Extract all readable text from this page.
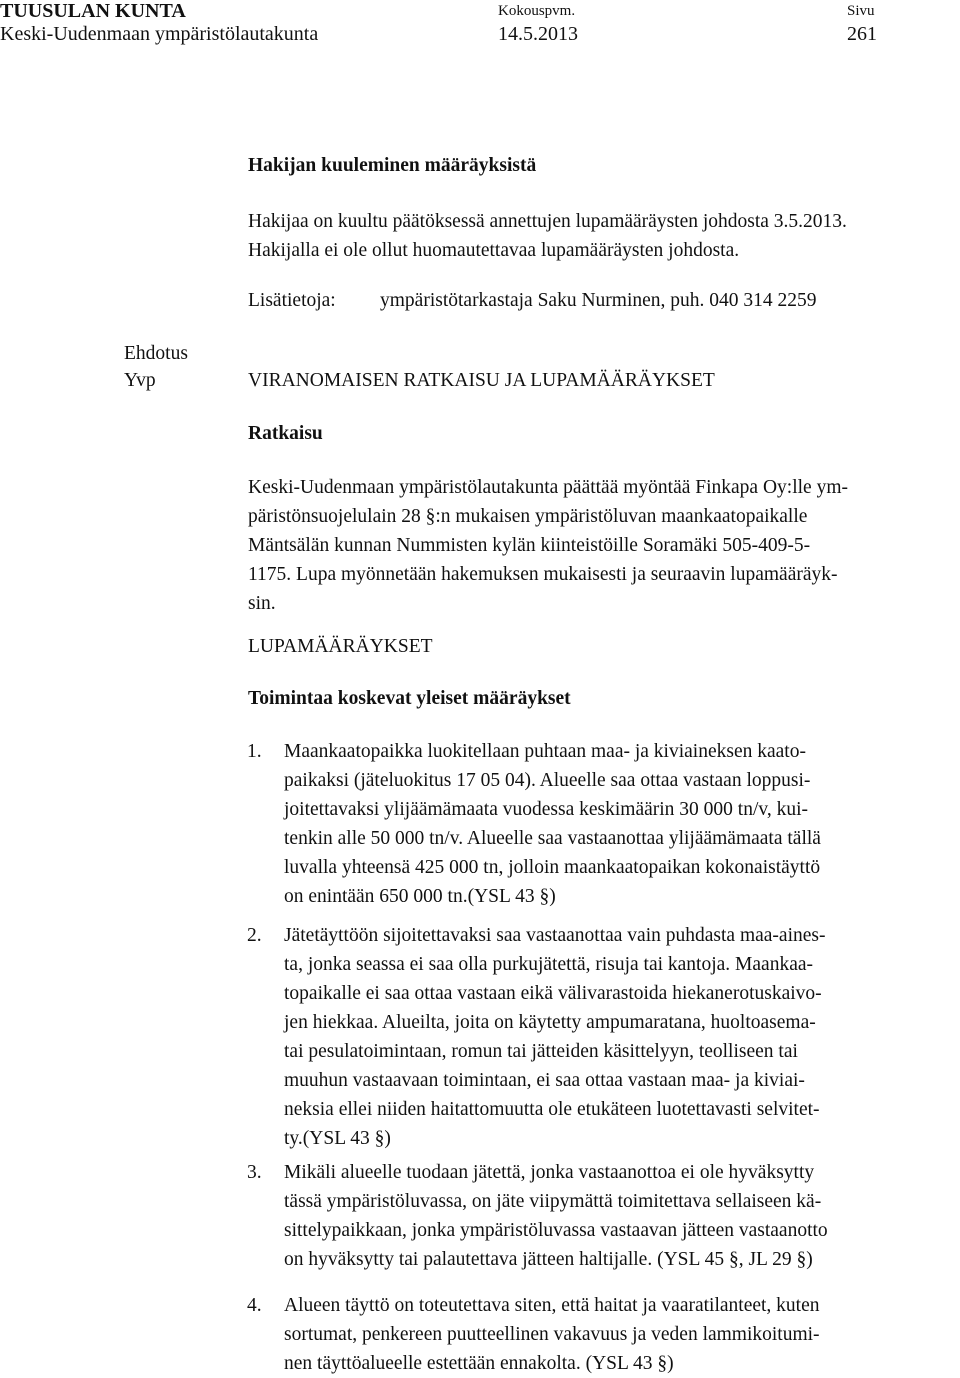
TUUSULAN KUNTA
Keski-Uudenmaan ympäristölautakunta
Kokouspvm.
14.5.2013
Sivu
261
Hakijan kuuleminen määräyksistä
Hakijaa on kuultu päätöksessä annettujen lupamääräysten johdosta 3.5.2013.
Hakijalla ei ole ollut huomautettavaa lupamääräysten johdosta.
Lisätietoja: ympäristötarkastaja Saku Nurminen, puh. 040 314 2259
Ehdotus
Yvp	VIRANOMAISEN RATKAISU JA LUPAMÄÄRÄYKSET
Ratkaisu
Keski-Uudenmaan ympäristölautakunta päättää myöntää Finkapa Oy:lle ym-
päristönsuojelulain 28 §:n mukaisen ympäristöluvan maankaatopaikalle
Mäntsälän kunnan Nummisten kylän kiinteistöille Soramäki 505-409-5-
1175. Lupa myönnetään hakemuksen mukaisesti ja seuraavin lupamääräyk-
sin.
LUPAMÄÄRÄYKSET
Toimintaa koskevat yleiset määräykset
1. Maankaatopaikka luokitellaan puhtaan maa- ja kiviaineksen kaato-
paikaksi (jäteluokitus 17 05 04). Alueelle saa ottaa vastaan loppusi-
joitettavaksi ylijäämämaata vuodessa keskimäärin 30 000 tn/v, kui-
tenkin alle 50 000 tn/v. Alueelle saa vastaanottaa ylijäämämaata tällä
luvalla yhteensä 425 000 tn, jolloin maankaatopaikan kokonaistäyttö
on enintään 650 000 tn.(YSL 43 §)
2. Jätetäyttöön sijoitettavaksi saa vastaanottaa vain puhdasta maa-aines-
ta, jonka seassa ei saa olla purkujätettä, risuja tai kantoja. Maankaa-
topaikalle ei saa ottaa vastaan eikä välivarastoida hiekanerotuskaivo-
jen hiekkaa. Alueilta, joita on käytetty ampumaratana, huoltoasema-
tai pesulatoimintaan, romun tai jätteiden käsittelyyn, teolliseen tai
muuhun vastaavaan toimintaan, ei saa ottaa vastaan maa- ja kiviai-
neksia ellei niiden haitattomuutta ole etukäteen luotettavasti selvitet-
ty.(YSL 43 §)
3. Mikäli alueelle tuodaan jätettä, jonka vastaanottoa ei ole hyväksytty
tässä ympäristöluvassa, on jäte viipymättä toimitettava sellaiseen kä-
sittelypaikkaan, jonka ympäristöluvassa vastaavan jätteen vastaanotto
on hyväksytty tai palautettava jätteen haltijalle. (YSL 45 §, JL 29 §)
4. Alueen täyttö on toteutettava siten, että haitat ja vaaratilanteet, kuten
sortumat, penkereen puutteellinen vakavuus ja veden lammikoitumi-
nen täyttöalueelle estettään ennakolta. (YSL 43 §)
